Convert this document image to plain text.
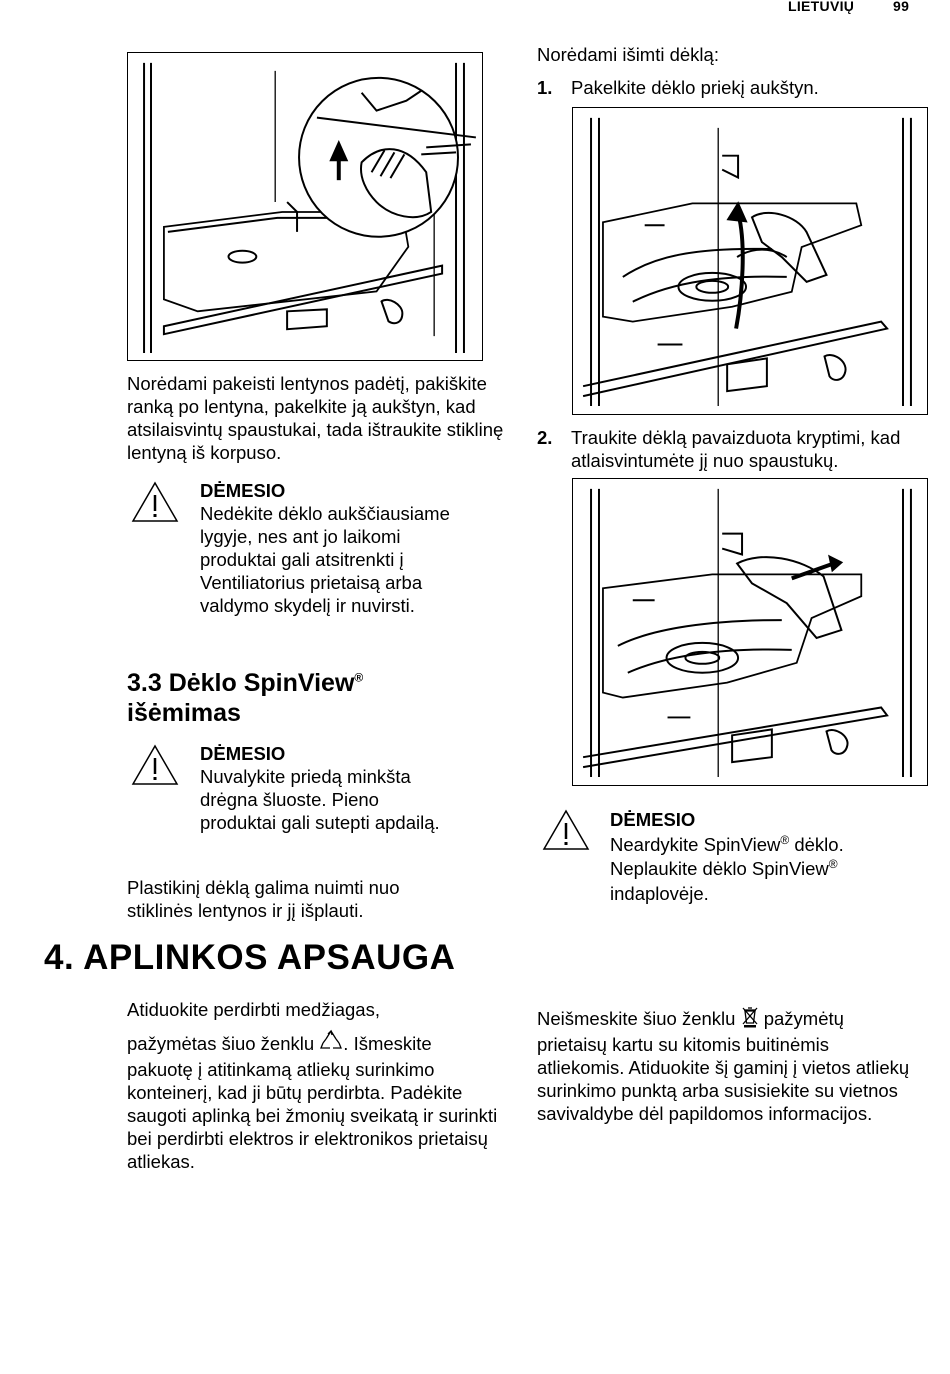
LIETUVIŲ	99
Norėdami pakeisti lentynos padėtį, pakiškite ranką po lentyna, pakelkite ją aukštyn, kad atsilaisvintų spaustukai, tada ištraukite stiklinę lentyną iš korpuso.
DĖMESIO
Nedėkite dėklo aukščiausiame lygyje, nes ant jo laikomi produktai gali atsitrenkti į Ventiliatorius prietaisą arba valdymo skydelį ir nuvirsti.
3.3 Dėklo SpinView®
išėmimas
DĖMESIO
Nuvalykite priedą minkšta drėgna šluoste. Pieno produktai gali sutepti apdailą.
Plastikinį dėklą galima nuimti nuo stiklinės lentynos ir jį išplauti.
Norėdami išimti dėklą:
1. Pakelkite dėklo priekį aukštyn.
2. Traukite dėklą pavaizduota kryptimi, kad atlaisvintumėte jį nuo spaustukų.
DĖMESIO
Neardykite SpinView® dėklo.
Neplaukite dėklo SpinView®
indaplovėje.
4. APLINKOS APSAUGA
Atiduokite perdirbti medžiagas,
pažymėtas šiuo ženklu . Išmeskite
pakuotę į atitinkamą atliekų surinkimo konteinerį, kad ji būtų perdirbta. Padėkite saugoti aplinką bei žmonių sveikatą ir surinkti bei perdirbti elektros ir elektronikos prietaisų atliekas.
Neišmeskite šiuo ženklu  pažymėtų
prietaisų kartu su kitomis buitinėmis atliekomis. Atiduokite šį gaminį į vietos atliekų surinkimo punktą arba susisiekite su vietnos savivaldybe dėl papildomos informacijos.
